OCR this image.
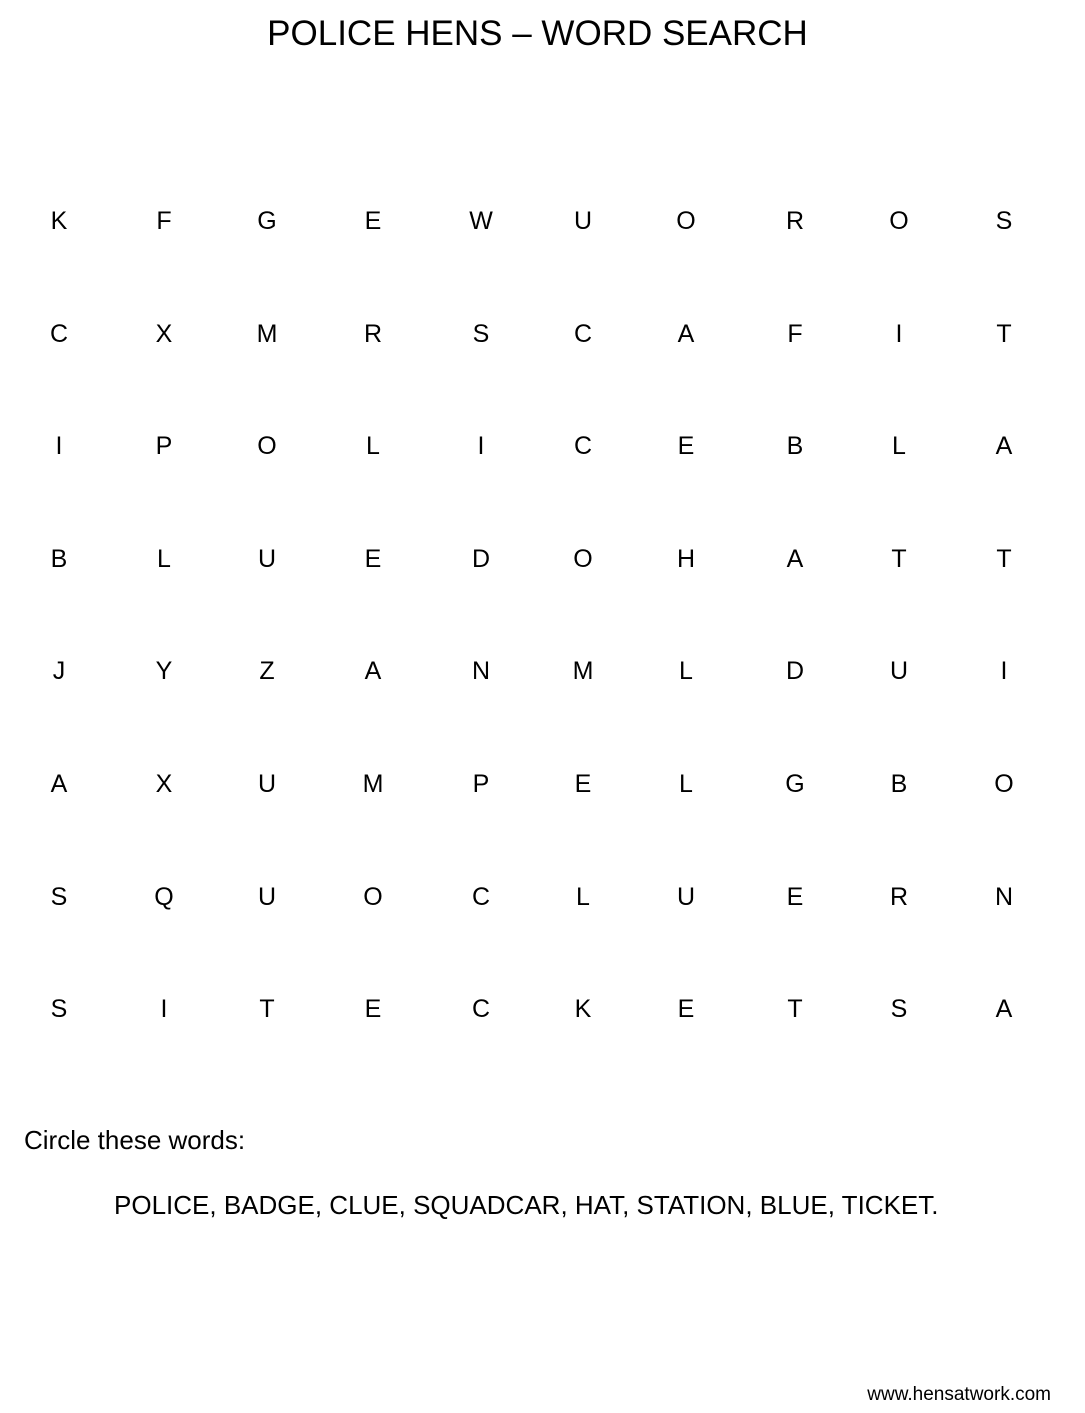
POLICE HENS – WORD SEARCH
K	F	G	E	W	U	O	R	O	S
C	X	M	R	S	C	A	F	I	T
I	P	O	L	I	C	E	B	L	A
B	L	U	E	D	O	H	A	T	T
J	Y	Z	A	N	M	L	D	U	I
A	X	U	M	P	E	L	G	B	O
S	Q	U	O	C	L	U	E	R	N
S	I	T	E	C	K	E	T	S	A
Circle these words:
POLICE, BADGE, CLUE, SQUADCAR, HAT, STATION, BLUE, TICKET.
www.hensatwork.com
